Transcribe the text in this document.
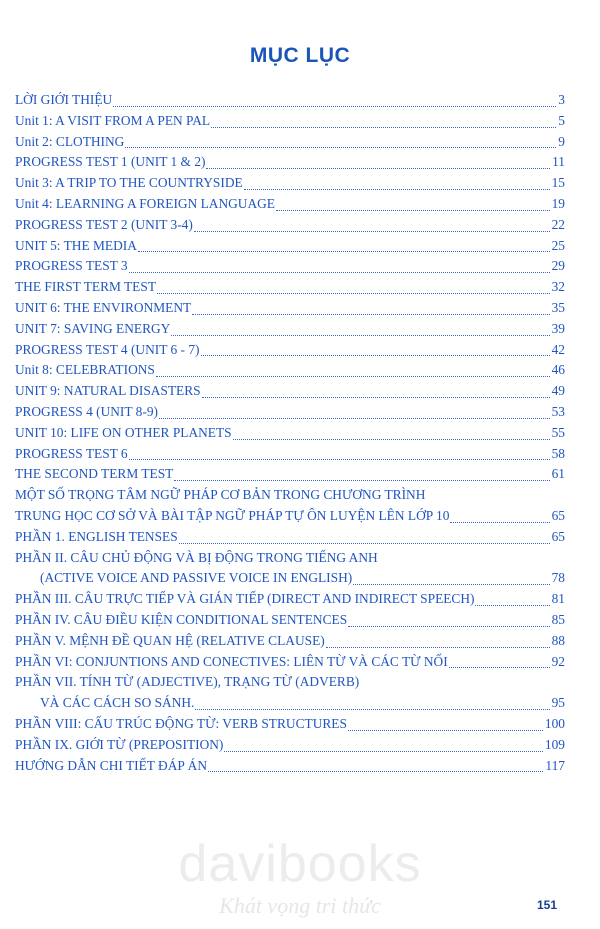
MỤC LỤC
LỜI GIỚI THIỆU	3
Unit 1: A VISIT FROM A PEN PAL	5
Unit 2: CLOTHING	9
PROGRESS TEST 1 (UNIT 1 & 2)	11
Unit 3: A TRIP TO THE COUNTRYSIDE	15
Unit 4: LEARNING A FOREIGN LANGUAGE	19
PROGRESS TEST 2 (UNIT 3-4)	22
UNIT 5: THE MEDIA	25
PROGRESS TEST 3	29
THE FIRST TERM TEST	32
UNIT 6: THE ENVIRONMENT	35
UNIT 7: SAVING ENERGY	39
PROGRESS TEST 4 (UNIT 6 - 7)	42
Unit 8: CELEBRATIONS	46
UNIT 9: NATURAL DISASTERS	49
PROGRESS 4 (UNIT 8-9)	53
UNIT 10: LIFE ON OTHER PLANETS	55
PROGRESS TEST 6	58
THE SECOND TERM TEST	61
MỘT SỐ TRỌNG TÂM NGỮ PHÁP CƠ BẢN TRONG CHƯƠNG TRÌNH
TRUNG HỌC CƠ SỞ VÀ BÀI TẬP NGỮ PHÁP TỰ ÔN LUYỆN LÊN LỚP 10	65
PHẦN 1. ENGLISH TENSES	65
PHẦN II. CÂU CHỦ ĐỘNG VÀ BỊ ĐỘNG TRONG TIẾNG ANH
(ACTIVE VOICE AND PASSIVE VOICE IN ENGLISH)	78
PHẦN III. CÂU TRỰC TIẾP VÀ GIÁN TIẾP (DIRECT AND INDIRECT SPEECH)	81
PHẦN IV. CÂU ĐIỀU KIỆN CONDITIONAL SENTENCES	85
PHẦN V. MỆNH ĐỀ QUAN HỆ (RELATIVE CLAUSE)	88
PHẦN VI: CONJUNTIONS AND CONECTIVES: LIÊN TỪ VÀ CÁC TỪ NỐI	92
PHẦN VII. TÍNH TỪ (ADJECTIVE), TRẠNG TỪ (ADVERB)
VÀ CÁC CÁCH SO SÁNH.	95
PHẦN VIII: CẤU TRÚC ĐỘNG TỪ: VERB STRUCTURES	100
PHẦN IX. GIỚI TỪ (PREPOSITION)	109
HƯỚNG DẪN CHI TIẾT ĐÁP ÁN	117
davibooks
Khát vọng tri thức	151
